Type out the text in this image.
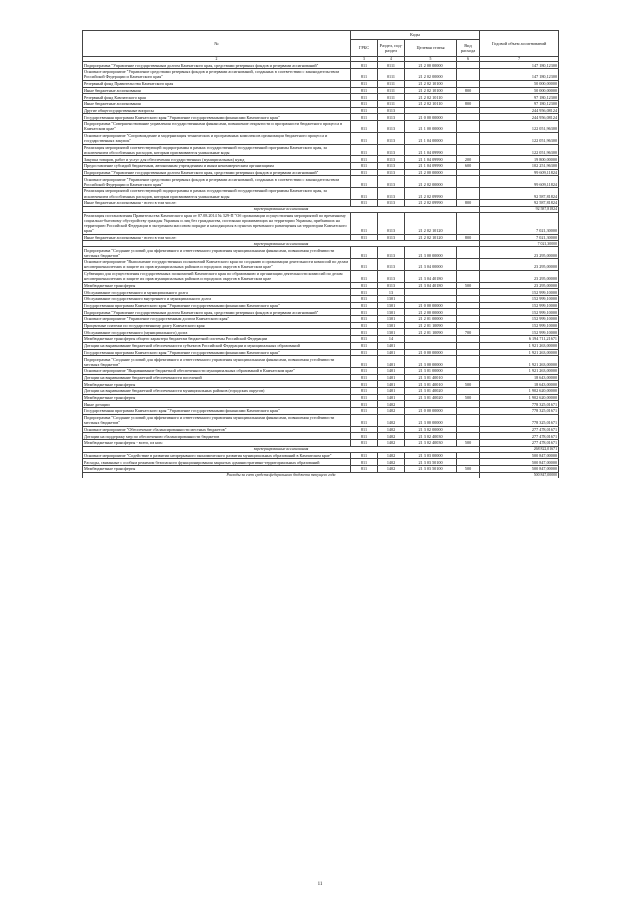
№	Коды				Годовой объем ассигнований
	ГРБС	Раздел, под-раздел	Целевая статья	Вид расхода	
2	3	4	5	6	7
Подпрограмма "Управление государственным долгом Камчатского края, средствами резервных фондов и резервами ассигнований"	811	0111	21 2 00 00000		147 180,12300
Основное мероприятие "Управление средствами резервных фондов и резервами ассигнований, созданных в соответствии с законодательством Российской Федерации и Камчатского края"	811	0111	21 2 02 00000		147 180,12300
Резервный фонд Правительства Камчатского края	811	0111	21 2 02 10100		50 000,00000
Иные бюджетные ассигнования	811	0111	21 2 02 10100	800	50 000,00000
Резервный фонд Камчатского края	811	0111	21 2 02 10110		97 180,12300
Иные бюджетные ассигнования	811	0111	21 2 02 10110	800	97 180,12300
Другие общегосударственные вопросы	811	0113			244 956,08124
Государственная программа Камчатского края "Управление государственными финансами Камчатского края"	811	0113	21 0 00 00000		244 956,08124
Подпрограмма "Совершенствование управления государственными финансами, повышение открытости и прозрачности бюджетного процесса в Камчатском крае"	811	0113	21 1 00 00000		122 051,96300
Основное мероприятие "Сопровождение и модернизация технических и программных комплексов организации бюджетного процесса и государственных закупок"	811	0113	21 1 04 00000		122 051,96300
Реализация мероприятий соответствующей подпрограммы в рамках государственной государственной программы Камчатского края, за исключением обособленных расходов, которым присваиваются уникальные коды	811	0113	21 1 04 09990		122 051,96300
Закупка товаров, работ и услуг для обеспечения государственных (муниципальных) нужд	811	0113	21 1 04 09990	200	19 800,00000
Предоставление субсидий бюджетным, автономным учреждениям и иным некоммерческим организациям	811	0113	21 1 04 09990	600	102 251,96300
Подпрограмма "Управление государственным долгом Камчатского края, средствами резервных фондов и резервами ассигнований"	811	0113	21 2 00 00000		99 609,11824
Основное мероприятие "Управление средствами резервных фондов и резервами ассигнований, созданных в соответствии с законодательством Российской Федерации и Камчатского края"	811	0113	21 2 02 00000		99 609,11824
Реализация мероприятий соответствующей подпрограммы в рамках государственной государственной программы Камчатского края, за исключением обособленных расходов, которым присваиваются уникальные коды	811	0113	21 2 02 09990		92 587,81824
Иные бюджетные ассигнования - всего в том числе:	811	0113	21 2 02 09990	800	92 587,81824
зарезервированные ассигнования					92 587,81824
Реализация постановления Правительства Камчатского края от 07.08.2014 № 329-П "Об организации осуществления мероприятий по временному социально-бытовому обустройству граждан Украины и лиц без гражданства, постоянно проживающих на территории Украины, прибывших на территорию Российской Федерации в экстренном массовом порядке и находящихся в пунктах временного размещения на территории Камчатского края"	811	0113	21 2 02 10120		7 021,30000
Иные бюджетные ассигнования - всего в том числе:	811	0113	21 2 02 10120	800	7 021,30000
зарезервированные ассигнования					7 021,30000
Подпрограмма "Создание условий для эффективного и ответственного управления муниципальными финансами, повышения устойчивости местных бюджетов"	811	0113	21 3 00 00000		23 295,00000
Основное мероприятие "Выполнение государственных полномочий Камчатского края по созданию и организации деятельности комиссий по делам несовершеннолетних и защите их прав муниципальных районов и городских округов в Камчатском крае"	811	0113	21 3 04 00000		23 295,00000
Субвенции для осуществления государственных полномочий Камчатского края по образованию и организации деятельности комиссий по делам несовершеннолетних и защите их прав муниципальных районов и городских округов в Камчатском крае	811	0113	21 3 04 40180		23 295,00000
Межбюджетные трансферты	811	0113	21 3 04 40180	500	23 295,00000
Обслуживание государственного и муниципального долга	811	13			152 999,10000
Обслуживание государственного внутреннего и муниципального долга	811	1301			152 999,10000
Государственная программа Камчатского края "Управление государственными финансами Камчатского края"	811	1301	21 0 00 00000		152 999,10000
Подпрограмма "Управление государственным долгом Камчатского края, средствами резервных фондов и резервами ассигнований"	811	1301	21 2 00 00000		152 999,10000
Основное мероприятие "Управление государственным долгом Камчатского края"	811	1301	21 2 01 00000		152 999,10000
Процентные платежи по государственному долгу Камчатского края	811	1301	21 2 01 10090		152 999,10000
Обслуживание государственного (муниципального) долга	811	1301	21 2 01 10090	700	152 999,10000
Межбюджетные трансферты общего характера бюджетам бюджетной системы Российской Федерации	811	14			6 194 711,21671
Дотации на выравнивание бюджетной обеспеченности субъектов Российской Федерации и муниципальных образований	811	1401			1 921 263,00000
Государственная программа Камчатского края "Управление государственными финансами Камчатского края"	811	1401	21 0 00 00000		1 921 263,00000
Подпрограмма "Создание условий для эффективного и ответственного управления муниципальными финансами, повышения устойчивости местных бюджетов"	811	1401	21 3 00 00000		1 921 263,00000
Основное мероприятие "Выравнивание бюджетной обеспеченности муниципальных образований в Камчатском крае"	811	1401	21 3 01 00000		1 921 263,00000
Дотации на выравнивание бюджетной обеспеченности поселений	811	1401	21 3 01 40010		18 643,00000
Межбюджетные трансферты	811	1401	21 3 01 40010	500	18 643,00000
Дотации на выравнивание бюджетной обеспеченности муниципальных районов (городских округов)	811	1401	21 3 01 40020		1 902 620,00000
Межбюджетные трансферты	811	1401	21 3 01 40020	500	1 902 620,00000
Иные дотации	811	1402			778 325,01671
Государственная программа Камчатского края "Управление государственными финансами Камчатского края"	811	1402	21 0 00 00000		778 325,01671
Подпрограмма "Создание условий для эффективного и ответственного управления муниципальными финансами, повышения устойчивости местных бюджетов"	811	1402	21 3 00 00000		778 325,01671
Основное мероприятие "Обеспечение сбалансированности местных бюджетов"	811	1402	21 3 02 00000		277 478,01671
Дотации на поддержку мер по обеспечению сбалансированности бюджетов	811	1402	21 3 02 40030		277 478,01671
Межбюджетные трансферты - всего, из них:	811	1402	21 3 02 40030	500	277 478,01671
зарезервированные ассигнования					268 822,01671
Основное мероприятие "Содействие в развитии непрерывного экономического развития муниципальных образований в Камчатском крае"	811	1402	21 3 03 00000		500 847,00000
Расходы, связанные с особым режимом безопасного функционирования закрытых административно-территориальных образований	811	1402	21 3 03 50100		500 847,00000
Межбюджетные трансферты	811	1402	21 3 03 50100	500	500 847,00000
Расходы за счет средств федерального бюджета текущего года					500 847,00000
11
